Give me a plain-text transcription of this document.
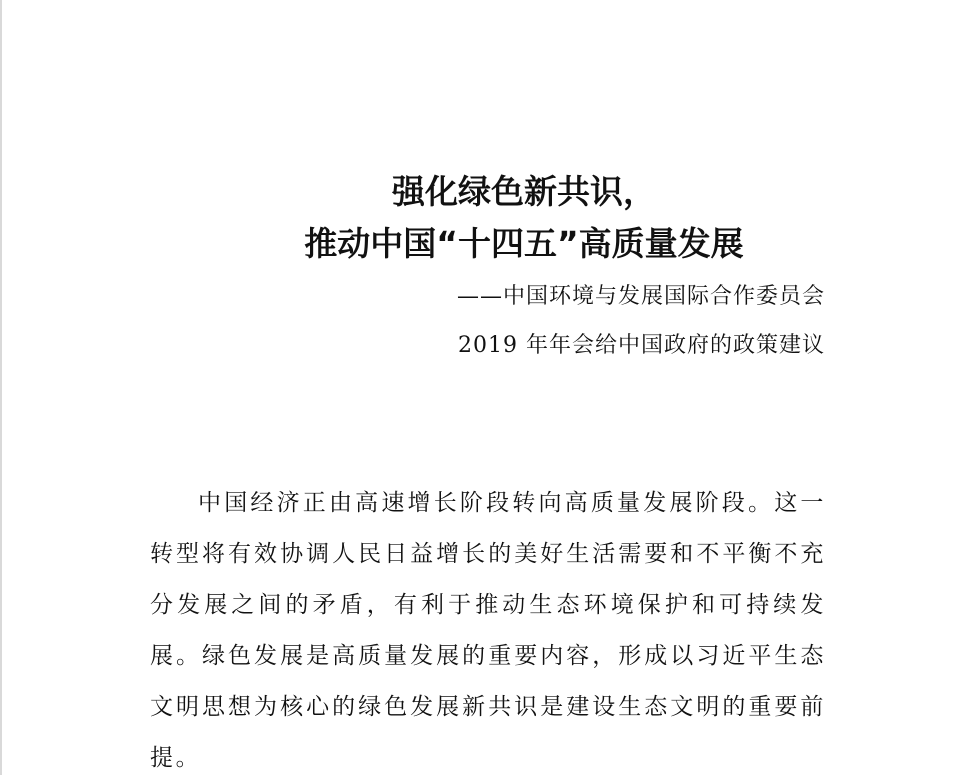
强化绿色新共识，
推动中国“十四五”高质量发展
——中国环境与发展国际合作委员会
2019 年年会给中国政府的政策建议

中国经济正由高速增长阶段转向高质量发展阶段。这一转型将有效协调人民日益增长的美好生活需要和不平衡不充分发展之间的矛盾，有利于推动生态环境保护和可持续发展。绿色发展是高质量发展的重要内容，形成以习近平生态文明思想为核心的绿色发展新共识是建设生态文明的重要前提。
